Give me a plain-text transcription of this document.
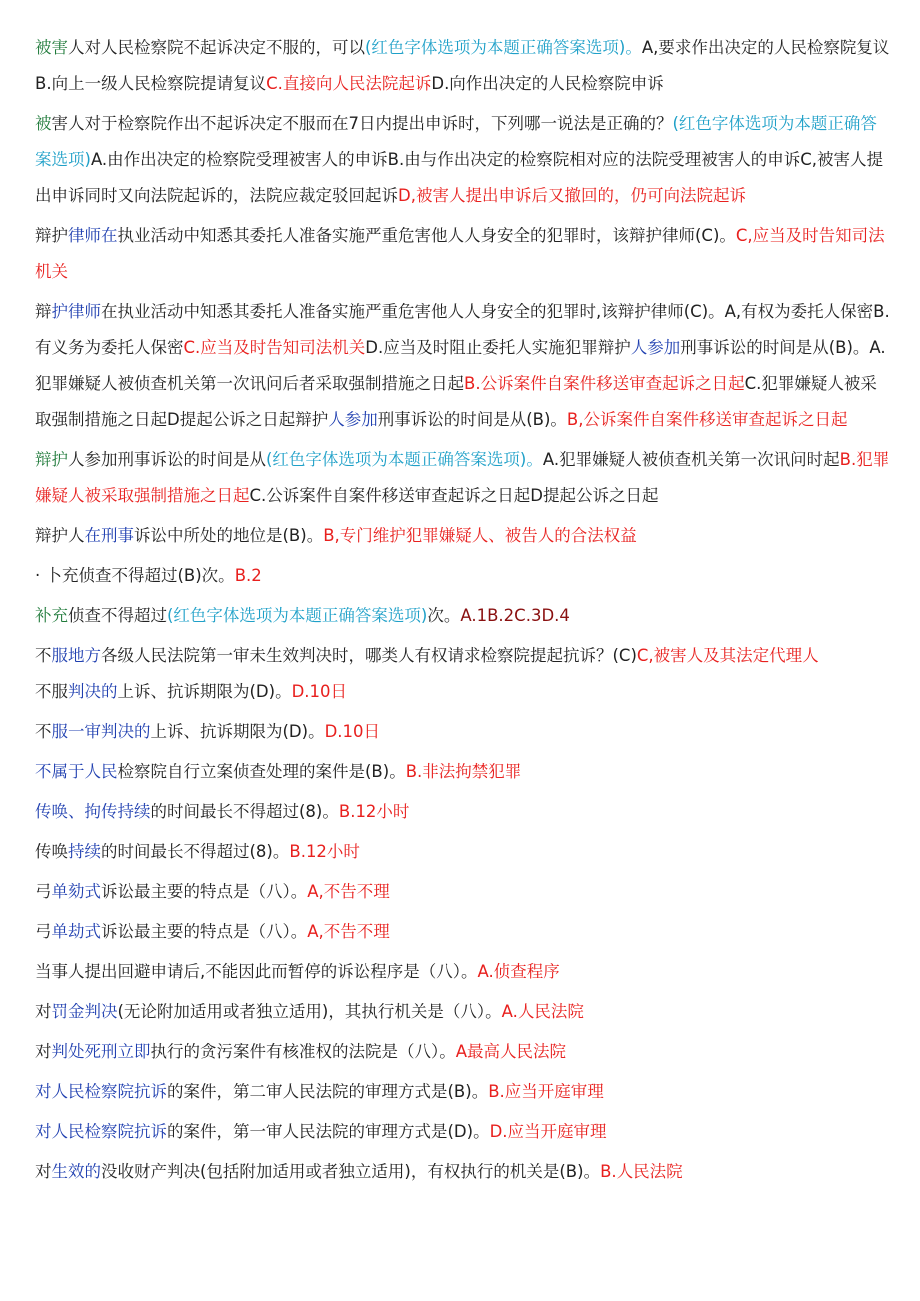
被害人对人民检察院不起诉决定不服的，可以(红色字体选项为本题正确答案选项)。A,要求作出决定的人民检察院复议B.向上一级人民检察院提请复议C.直接向人民法院起诉D.向作出决定的人民检察院申诉

被害人对于检察院作出不起诉决定不服而在7日内提出申诉时，下列哪一说法是正确的？(红色字体选项为本题正确答案选项)A.由作出决定的检察院受理被害人的申诉B.由与作出决定的检察院相对应的法院受理被害人的申诉C,被害人提出申诉同时又向法院起诉的，法院应裁定驳回起诉D,被害人提出申诉后又撤回的，仍可向法院起诉

辩护律师在执业活动中知悉其委托人准备实施严重危害他人人身安全的犯罪时，该辩护律师(C)。C,应当及时告知司法机关

辩护律师在执业活动中知悉其委托人准备实施严重危害他人人身安全的犯罪时,该辩护律师(C)。A,有权为委托人保密B.有义务为委托人保密C.应当及时告知司法机关D.应当及时阻止委托人实施犯罪辩护人参加刑事诉讼的时间是从(B)。A.犯罪嫌疑人被侦查机关第一次讯问后者采取强制措施之日起B.公诉案件自案件移送审查起诉之日起C.犯罪嫌疑人被采取强制措施之日起D提起公诉之日起辩护人参加刑事诉讼的时间是从(B)。B,公诉案件自案件移送审查起诉之日起

辩护人参加刑事诉讼的时间是从(红色字体选项为本题正确答案选项)。A.犯罪嫌疑人被侦查机关第一次讯问时起B.犯罪嫌疑人被采取强制措施之日起C.公诉案件自案件移送审查起诉之日起D提起公诉之日起

辩护人在刑事诉讼中所处的地位是(B)。B,专门维护犯罪嫌疑人、被告人的合法权益

· 卜充侦查不得超过(B)次。B.2

补充侦查不得超过(红色字体选项为本题正确答案选项)次。A.1B.2C.3D.4

不服地方各级人民法院第一审未生效判决时，哪类人有权请求检察院提起抗诉？(C)C,被害人及其法定代理人

不服判决的上诉、抗诉期限为(D)。D.10日

不服一审判决的上诉、抗诉期限为(D)。D.10日

不属于人民检察院自行立案侦查处理的案件是(B)。B.非法拘禁犯罪

传唤、拘传持续的时间最长不得超过(8)。B.12小时

传唤持续的时间最长不得超过(8)。B.12小时

弓单劾式诉讼最主要的特点是（八）。A,不告不理

弓单劫式诉讼最主要的特点是（八）。A,不告不理

当事人提出回避申请后,不能因此而暂停的诉讼程序是（八）。A.侦查程序

对罚金判决(无论附加适用或者独立适用)，其执行机关是（八）。A.人民法院

对判处死刑立即执行的贪污案件有核准权的法院是（八）。A最高人民法院

对人民检察院抗诉的案件，第二审人民法院的审理方式是(B)。B.应当开庭审理

对人民检察院抗诉的案件，第一审人民法院的审理方式是(D)。D.应当开庭审理

对生效的没收财产判决(包括附加适用或者独立适用)，有权执行的机关是(B)。B.人民法院
